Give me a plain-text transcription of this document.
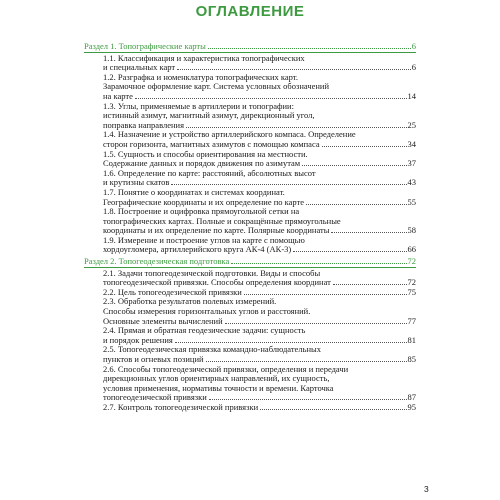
ОГЛАВЛЕНИЕ
Раздел 1. Топографические карты	6
1.1. Классификация и характеристика топографических
и специальных карт	6
1.2. Разграфка и номенклатура топографических карт.
Зарамочное оформление карт. Система условных обозначений
на карте	14
1.3. Углы, применяемые в артиллерии и топографии:
истинный азимут, магнитный азимут, дирекционный угол,
поправка направления	25
1.4. Назначение и устройство артиллерийского компаса. Определение
сторон горизонта, магнитных азимутов с помощью компаса	34
1.5. Сущность и способы ориентирования на местности.
Содержание данных и порядок движения по азимутам	37
1.6. Определение по карте: расстояний, абсолютных высот
и крутизны скатов	43
1.7. Понятие о координатах и системах координат.
Географические координаты и их определение по карте	55
1.8. Построение и оцифровка прямоугольной сетки на
топографических картах. Полные и сокращённые прямоугольные
координаты и их определение по карте. Полярные координаты	58
1.9. Измерение и построение углов на карте с помощью
хордоугломера, артиллерийского круга АК-4 (АК-3)	66
Раздел 2. Топогеодезическая подготовка	72
2.1. Задачи топогеодезической подготовки. Виды и способы
топогеодезической привязки. Способы определения координат	72
2.2. Цель топогеодезической привязки	75
2.3. Обработка результатов полевых измерений.
Способы измерения горизонтальных углов и расстояний.
Основные элементы вычислений	77
2.4. Прямая и обратная геодезические задачи: сущность
и порядок решения	81
2.5. Топогеодезическая привязка командно-наблюдательных
пунктов и огневых позиций	85
2.6. Способы топогеодезической привязки, определения и передачи
дирекционных углов ориентирных направлений, их сущность,
условия применения, нормативы точности и времени. Карточка
топогеодезической привязки	87
2.7. Контроль топогеодезической привязки	95
3
